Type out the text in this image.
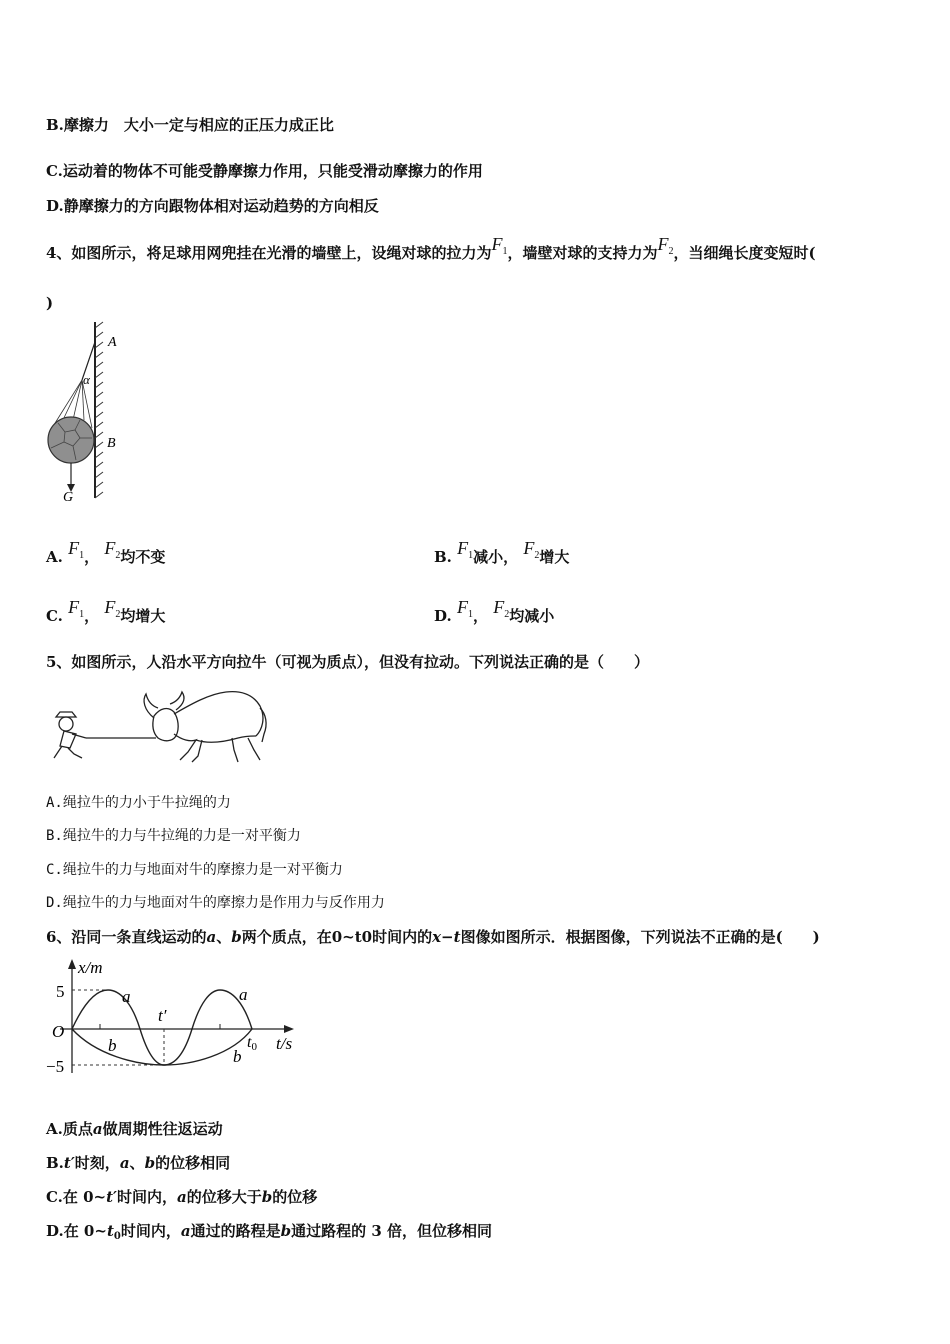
B.摩擦力　大小一定与相应的正压力成正比
C.运动着的物体不可能受静摩擦力作用，只能受滑动摩擦力的作用
D.静摩擦力的方向跟物体相对运动趋势的方向相反
4、如图所示，将足球用网兜挂在光滑的墙壁上，设绳对球的拉力为$F_1$，墙壁对球的支持力为$F_2$，当细绳长度变短时(
)
A
α
B
G
A. $F_1$， $F_2$均不变	B. $F_1$减小， $F_2$增大
C. $F_1$， $F_2$均增大	D. $F_1$， $F_2$均减小
5、如图所示，人沿水平方向拉牛（可视为质点），但没有拉动。下列说法正确的是（　　）
A.绳拉牛的力小于牛拉绳的力
B.绳拉牛的力与牛拉绳的力是一对平衡力
C.绳拉牛的力与地面对牛的摩擦力是一对平衡力
D.绳拉牛的力与地面对牛的摩擦力是作用力与反作用力
6、沿同一条直线运动的a、b两个质点，在0~t0时间内的x−t图像如图所示．根据图像，下列说法不正确的是(　　)
x/m
t/s
O
5
−5
t′
t0
a	a
b
b
A.质点a做周期性往返运动
B.t′时刻，a、b的位移相同
C.在 0~t′时间内，a的位移大于b的位移
D.在 $0\sim t_0$时间内，a通过的路程是b通过路程的 3 倍，但位移相同
